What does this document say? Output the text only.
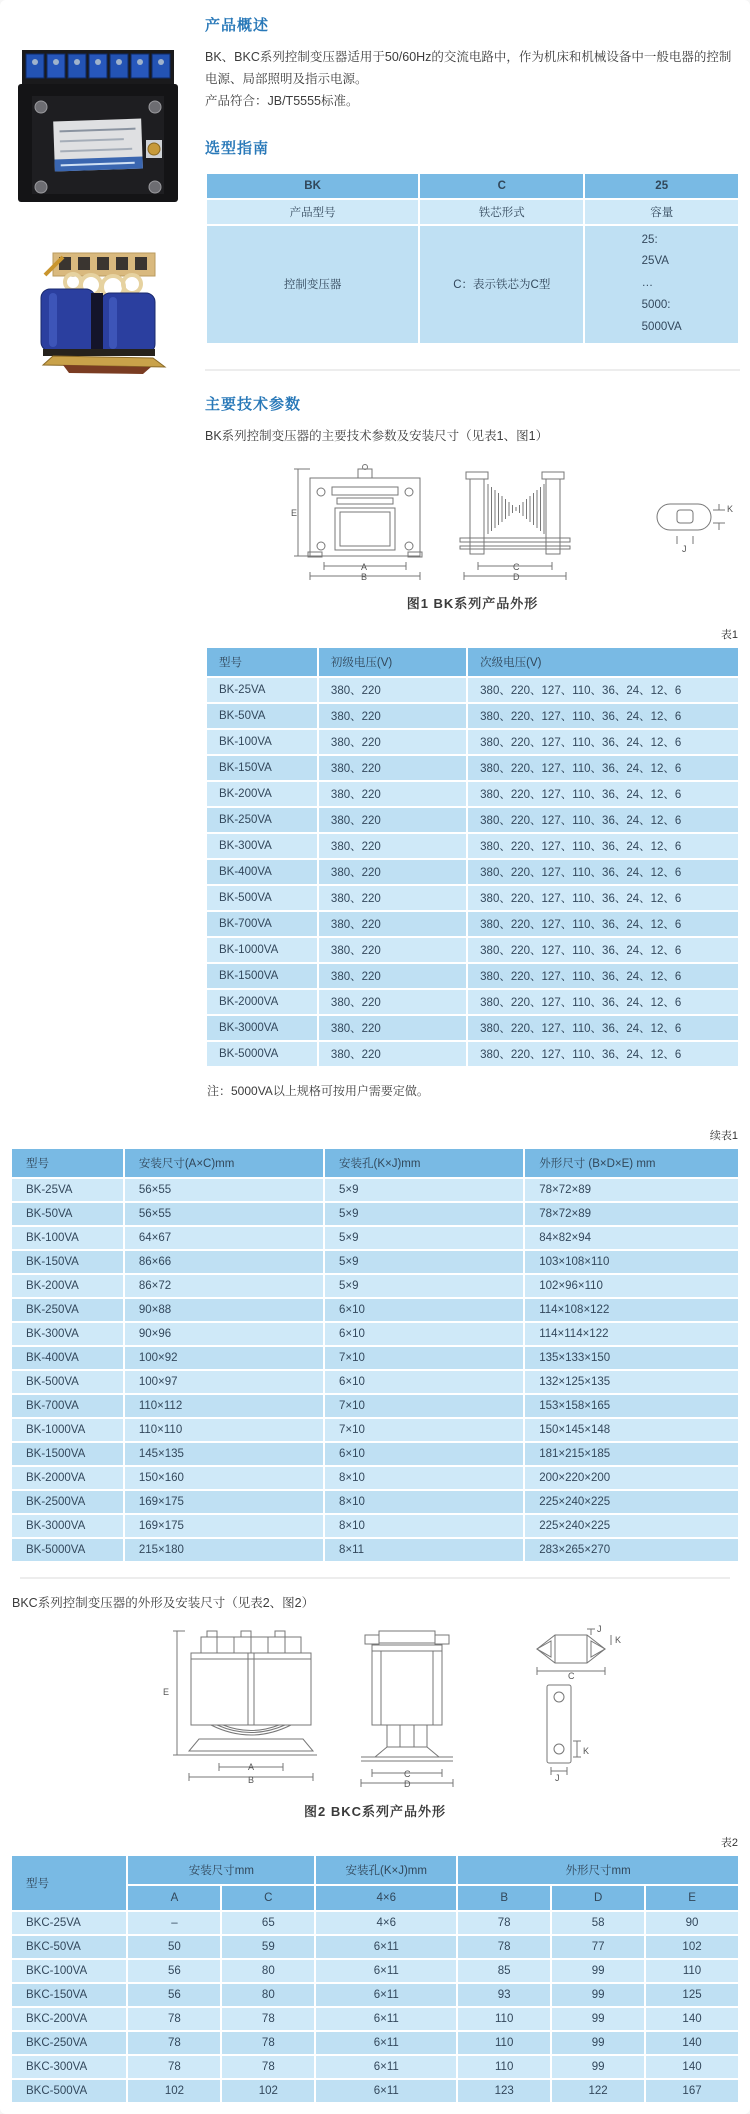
产品概述

BK、BKC系列控制变压器适用于50/60Hz的交流电路中，作为机床和机械设备中一般电器的控制电源、局部照明及指示电源。
产品符合：JB/T5555标准。

选型指南
BK	C	25
产品型号	铁芯形式	容量
控制变压器	C：表示铁芯为C型	25:
25VA
…
5000:
5000VA
主要技术参数

BK系列控制变压器的主要技术参数及安装尺寸（见表1、图1）

A
B
E
C
D
K
J
图1 BK系列产品外形
表1
型号	初级电压(V)	次级电压(V)
BK-25VA	380、220	380、220、127、110、36、24、12、6
BK-50VA	380、220	380、220、127、110、36、24、12、6
BK-100VA	380、220	380、220、127、110、36、24、12、6
BK-150VA	380、220	380、220、127、110、36、24、12、6
BK-200VA	380、220	380、220、127、110、36、24、12、6
BK-250VA	380、220	380、220、127、110、36、24、12、6
BK-300VA	380、220	380、220、127、110、36、24、12、6
BK-400VA	380、220	380、220、127、110、36、24、12、6
BK-500VA	380、220	380、220、127、110、36、24、12、6
BK-700VA	380、220	380、220、127、110、36、24、12、6
BK-1000VA	380、220	380、220、127、110、36、24、12、6
BK-1500VA	380、220	380、220、127、110、36、24、12、6
BK-2000VA	380、220	380、220、127、110、36、24、12、6
BK-3000VA	380、220	380、220、127、110、36、24、12、6
BK-5000VA	380、220	380、220、127、110、36、24、12、6

注：5000VA以上规格可按用户需要定做。

续表1
型号	安装尺寸(A×C)mm	安装孔(K×J)mm	外形尺寸 (B×D×E) mm
BK-25VA	56×55	5×9	78×72×89
BK-50VA	56×55	5×9	78×72×89
BK-100VA	64×67	5×9	84×82×94
BK-150VA	86×66	5×9	103×108×110
BK-200VA	86×72	5×9	102×96×110
BK-250VA	90×88	6×10	114×108×122
BK-300VA	90×96	6×10	114×114×122
BK-400VA	100×92	7×10	135×133×150
BK-500VA	100×97	6×10	132×125×135
BK-700VA	110×112	7×10	153×158×165
BK-1000VA	110×110	7×10	150×145×148
BK-1500VA	145×135	6×10	181×215×185
BK-2000VA	150×160	8×10	200×220×200
BK-2500VA	169×175	8×10	225×240×225
BK-3000VA	169×175	8×10	225×240×225
BK-5000VA	215×180	8×11	283×265×270

BKC系列控制变压器的外形及安装尺寸（见表2、图2）

A
B
E
C
D
J
K
C
K
J
图2 BKC系列产品外形
表2
型号	安装尺寸mm		安装孔(K×J)mm	外形尺寸mm		
	A	C	4×6	B	D	E
BKC-25VA	–	65	4×6	78	58	90
BKC-50VA	50	59	6×11	78	77	102
BKC-100VA	56	80	6×11	85	99	110
BKC-150VA	56	80	6×11	93	99	125
BKC-200VA	78	78	6×11	110	99	140
BKC-250VA	78	78	6×11	110	99	140
BKC-300VA	78	78	6×11	110	99	140
BKC-500VA	102	102	6×11	123	122	167
